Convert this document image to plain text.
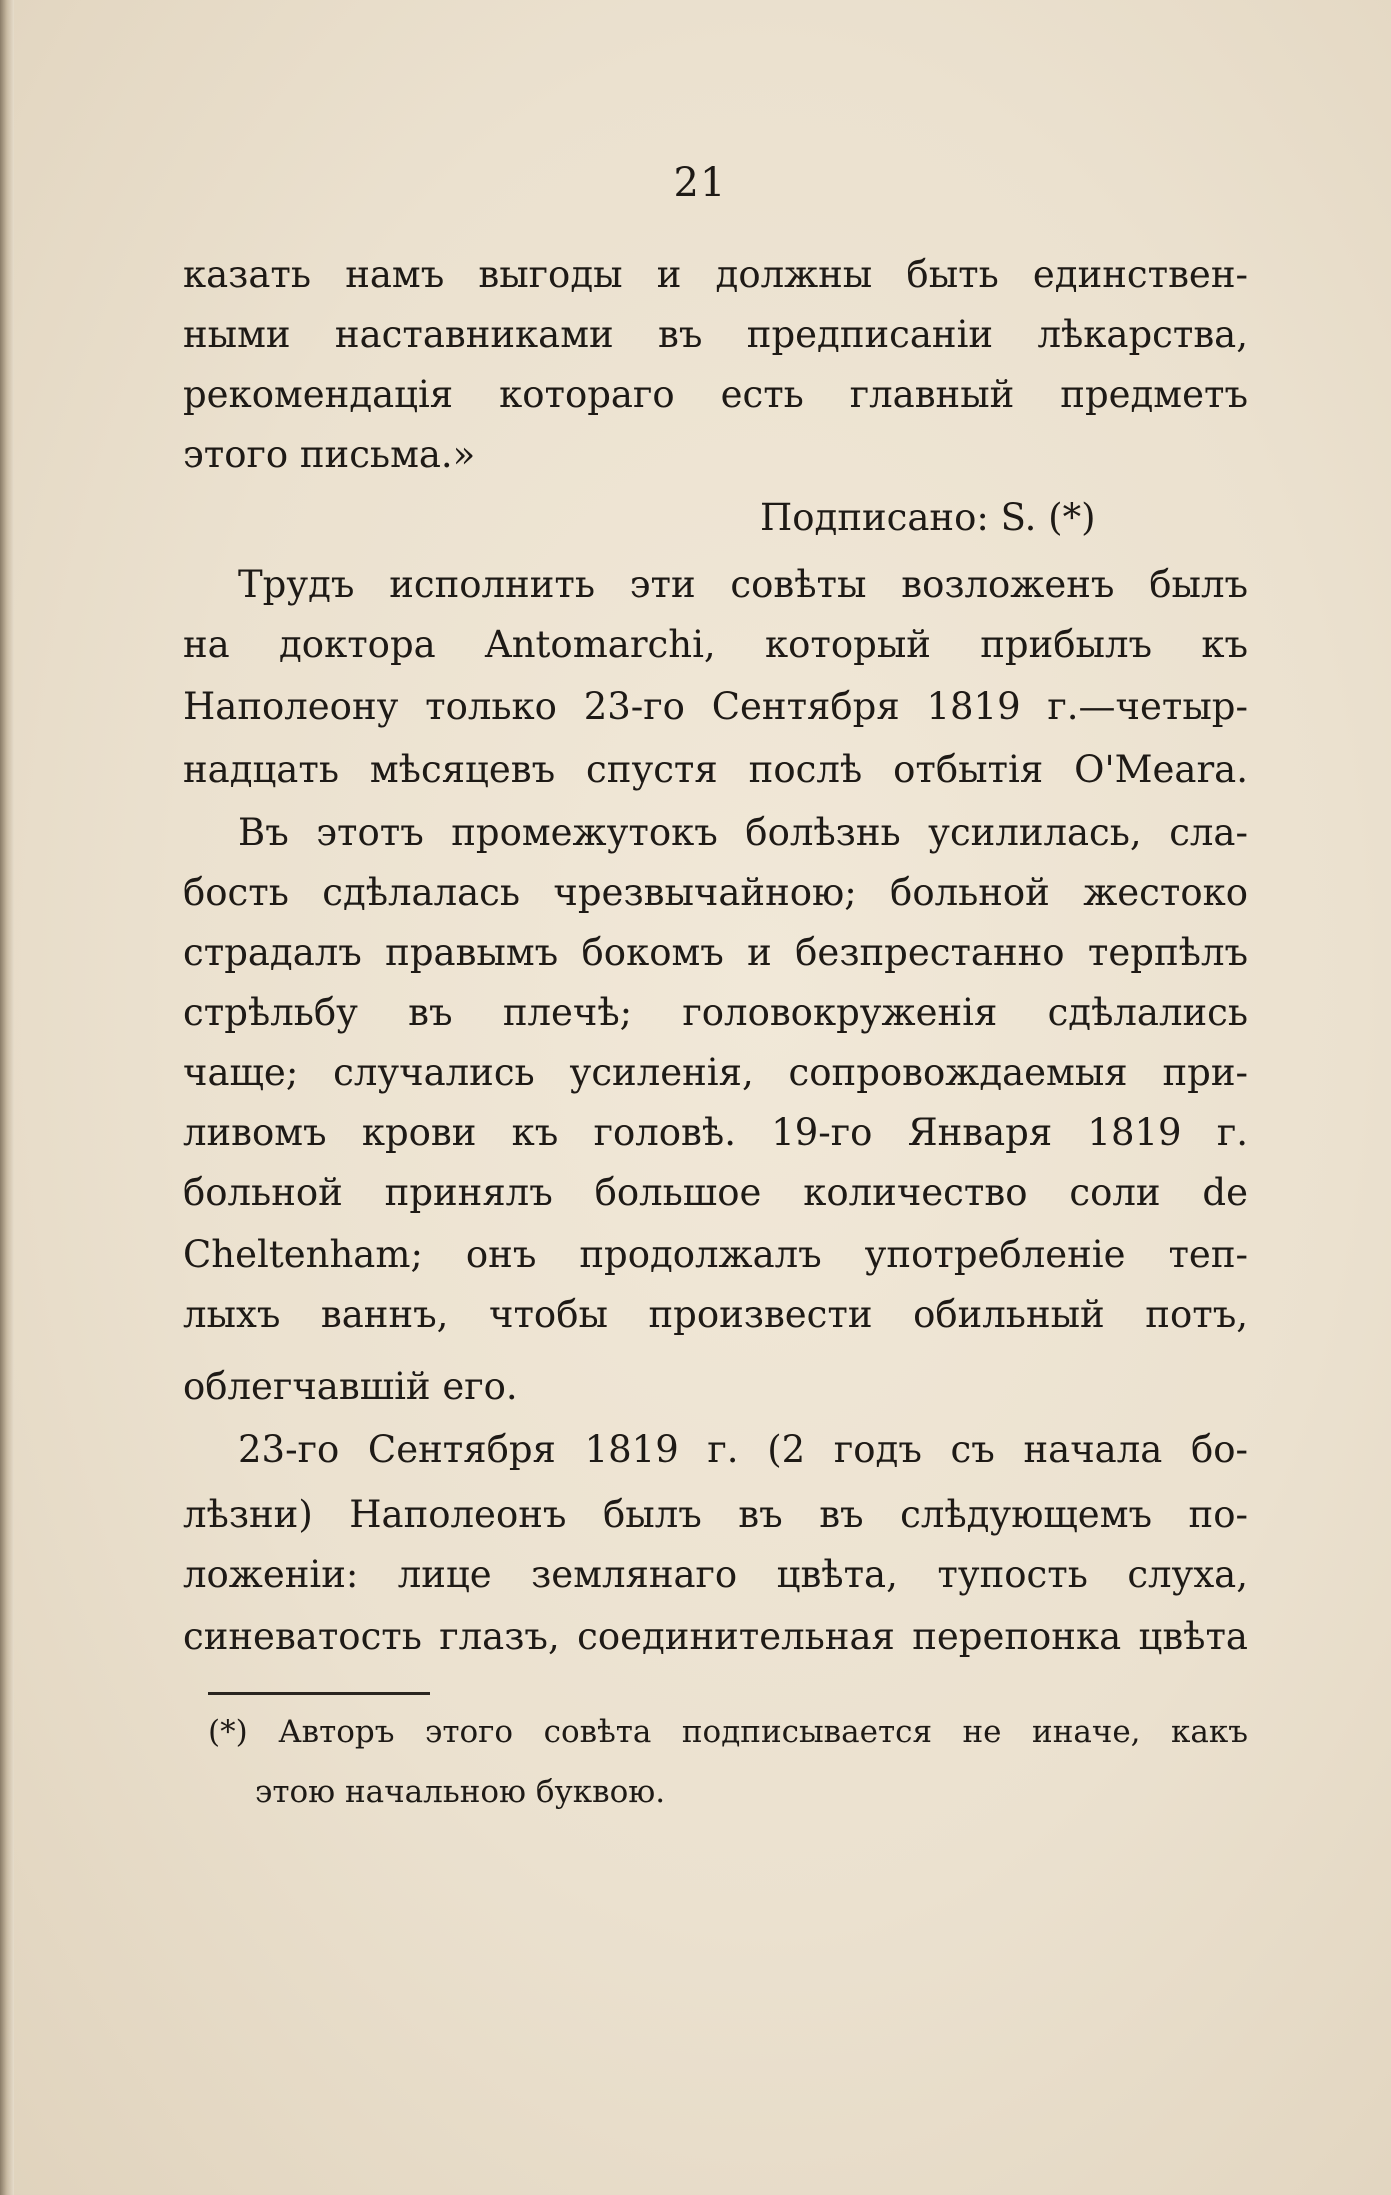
21
казать намъ выгоды и должны быть единствен-
ными наставниками въ предписанiи лѣкарства,
рекомендацiя котораго есть главный предметъ
этого письма.»
Подписано: S. (*)
Трудъ исполнить эти совѣты возложенъ былъ
на доктора Antomarchi, который прибылъ къ
Наполеону только 23-го Сентября 1819 г.—четыр-
надцать мѣсяцевъ спустя послѣ отбытiя O'Meara.
Въ этотъ промежутокъ болѣзнь усилилась, сла-
бость сдѣлалась чрезвычайною; больной жестоко
страдалъ правымъ бокомъ и безпрестанно терпѣлъ
стрѣльбу въ плечѣ; головокруженiя сдѣлались
чаще; случались усиленiя, сопровождаемыя при-
ливомъ крови къ головѣ. 19-го Января 1819 г.
больной принялъ большое количество соли de
Cheltenham; онъ продолжалъ употребленie теп-
лыхъ ваннъ, чтобы произвести обильный потъ,
облегчавшiй его.
23-го Сентября 1819 г. (2 годъ съ начала бо-
лѣзни) Наполеонъ былъ въ въ слѣдующемъ по-
ложенiи: лице землянаго цвѣта, тупость слуха,
синеватость глазъ, соединительная перепонка цвѣта
(*) Авторъ этого совѣта подписывается не иначе, какъ
этою начальною буквою.
